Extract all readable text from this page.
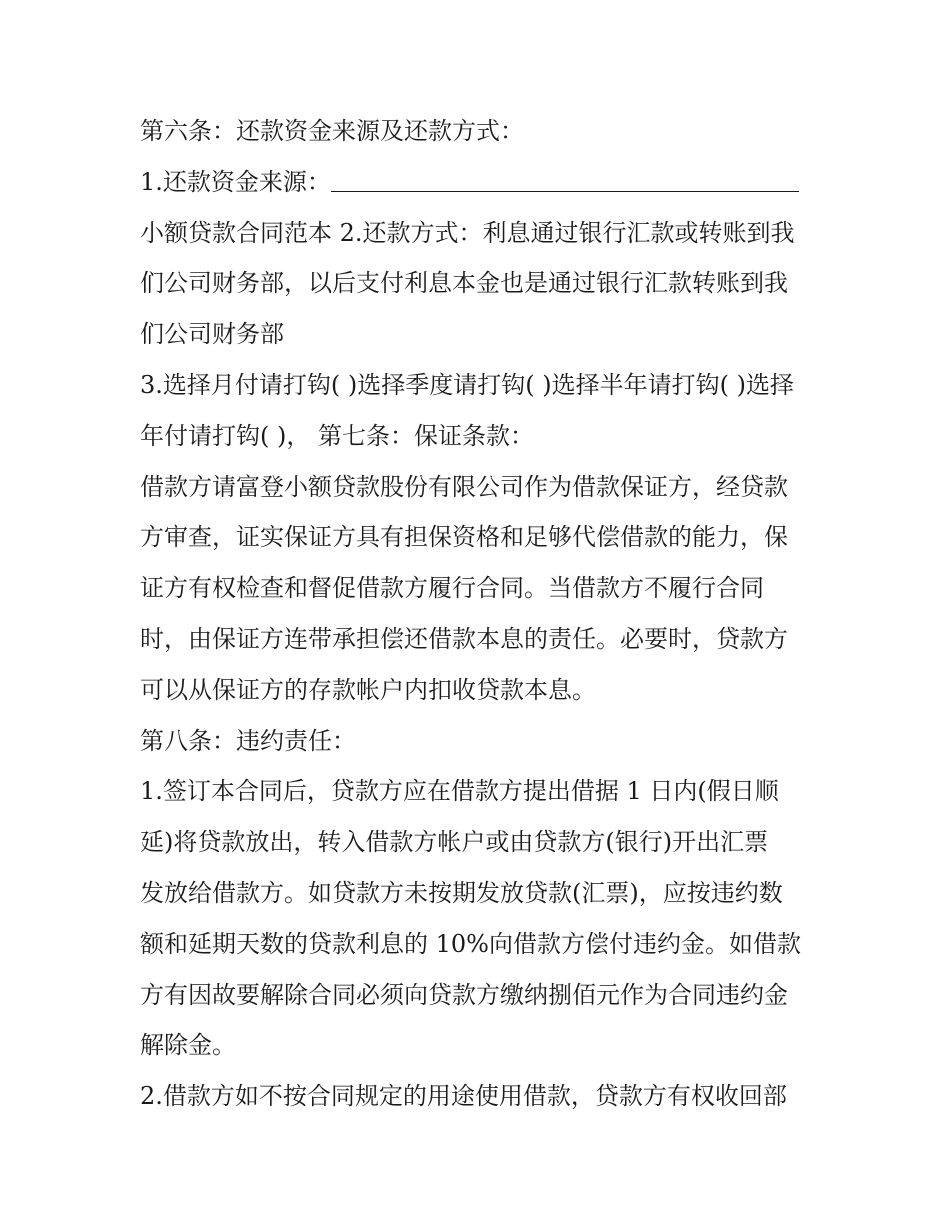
第六条：还款资金来源及还款方式：
1.还款资金来源：
小额贷款合同范本 2.还款方式：利息通过银行汇款或转账到我
们公司财务部，以后支付利息本金也是通过银行汇款转账到我
们公司财务部
3.选择月付请打钩( )选择季度请打钩( )选择半年请打钩( )选择
年付请打钩( )， 第七条：保证条款：
借款方请富登小额贷款股份有限公司作为借款保证方，经贷款
方审查，证实保证方具有担保资格和足够代偿借款的能力，保
证方有权检查和督促借款方履行合同。当借款方不履行合同
时，由保证方连带承担偿还借款本息的责任。必要时，贷款方
可以从保证方的存款帐户内扣收贷款本息。
第八条：违约责任：
1.签订本合同后，贷款方应在借款方提出借据 1 日内(假日顺
延)将贷款放出，转入借款方帐户或由贷款方(银行)开出汇票
发放给借款方。如贷款方未按期发放贷款(汇票)，应按违约数
额和延期天数的贷款利息的 10%向借款方偿付违约金。如借款
方有因故要解除合同必须向贷款方缴纳捌佰元作为合同违约金
解除金。
2.借款方如不按合同规定的用途使用借款，贷款方有权收回部
